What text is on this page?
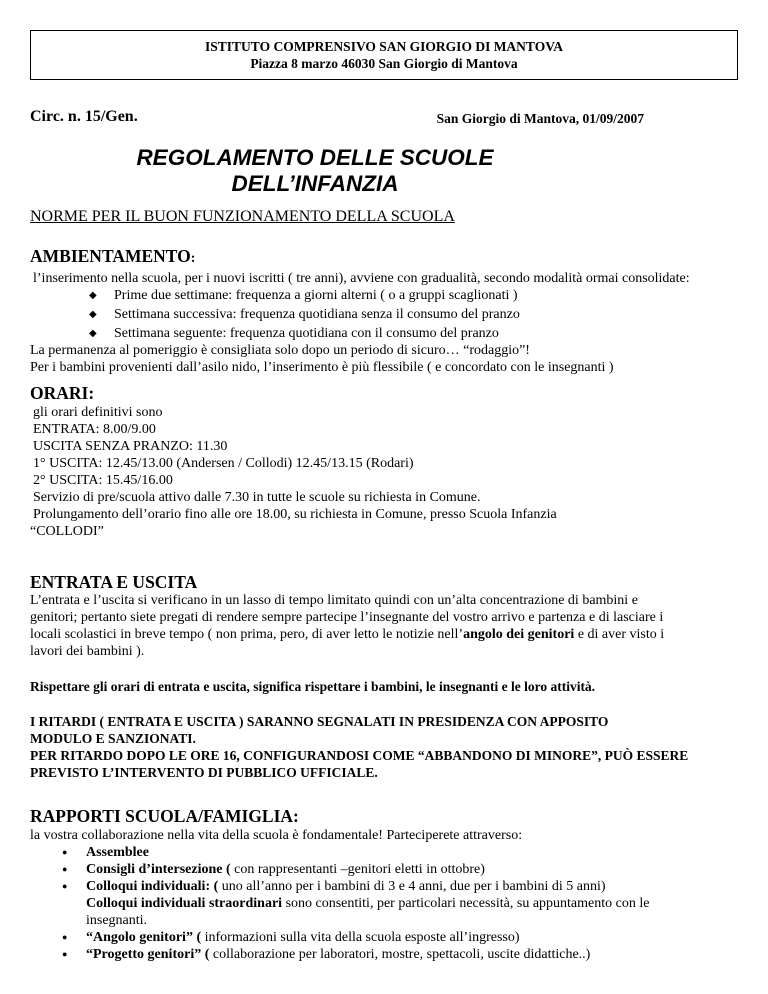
ISTITUTO COMPRENSIVO SAN GIORGIO DI MANTOVA
Piazza 8 marzo 46030 San Giorgio di Mantova
Circ. n. 15/Gen.	San Giorgio di Mantova, 01/09/2007
REGOLAMENTO DELLE SCUOLE
DELL’INFANZIA
NORME PER IL BUON FUNZIONAMENTO DELLA SCUOLA
AMBIENTAMENTO:

l’inserimento nella scuola, per i nuovi iscritti ( tre anni), avviene con gradualità, secondo modalità ormai consolidate:

◆ Prime due settimane: frequenza a giorni alterni ( o a gruppi scaglionati )
◆ Settimana successiva: frequenza quotidiana senza il consumo del pranzo
◆ Settimana seguente: frequenza quotidiana con il consumo del pranzo

La permanenza al pomeriggio è consigliata solo dopo un periodo di sicuro… “rodaggio”!

Per i bambini provenienti dall’asilo nido, l’inserimento è più flessibile ( e concordato con le insegnanti )

ORARI:

gli orari definitivi sono

ENTRATA: 8.00/9.00

USCITA SENZA PRANZO: 11.30

1° USCITA: 12.45/13.00 (Andersen / Collodi) 12.45/13.15 (Rodari)

2° USCITA: 15.45/16.00

Servizio di pre/scuola attivo dalle 7.30 in tutte le scuole su richiesta in Comune.

Prolungamento dell’orario fino alle ore 18.00, su richiesta in Comune, presso Scuola Infanzia

“COLLODI”

ENTRATA E USCITA

L’entrata e l’uscita si verificano in un lasso di tempo limitato quindi con un’alta concentrazione di bambini e genitori; pertanto siete pregati di rendere sempre partecipe l’insegnante del vostro arrivo e partenza e di lasciare i locali scolastici in breve tempo ( non prima, pero, di aver letto le notizie nell’angolo dei genitori e di aver visto i lavori dei bambini ).

Rispettare gli orari di entrata e uscita, significa rispettare i bambini, le insegnanti e le loro attività.

I RITARDI ( ENTRATA E USCITA ) SARANNO SEGNALATI IN PRESIDENZA CON APPOSITO MODULO E SANZIONATI.

PER RITARDO DOPO LE ORE 16, CONFIGURANDOSI COME “ABBANDONO DI MINORE”, PUÒ ESSERE PREVISTO L’INTERVENTO DI PUBBLICO UFFICIALE.

RAPPORTI SCUOLA/FAMIGLIA:

la vostra collaborazione nella vita della scuola è fondamentale! Parteciperete attraverso:

● Assemblee
● Consigli d’intersezione ( con rappresentanti –genitori eletti in ottobre)
● Colloqui individuali: ( uno all’anno per i bambini di 3 e 4 anni, due per i bambini di 5 anni)
Colloqui individuali straordinari sono consentiti, per particolari necessità, su appuntamento con le insegnanti.
● “Angolo genitori” ( informazioni sulla vita della scuola esposte all’ingresso)
● “Progetto genitori” ( collaborazione per laboratori, mostre, spettacoli, uscite didattiche..)
